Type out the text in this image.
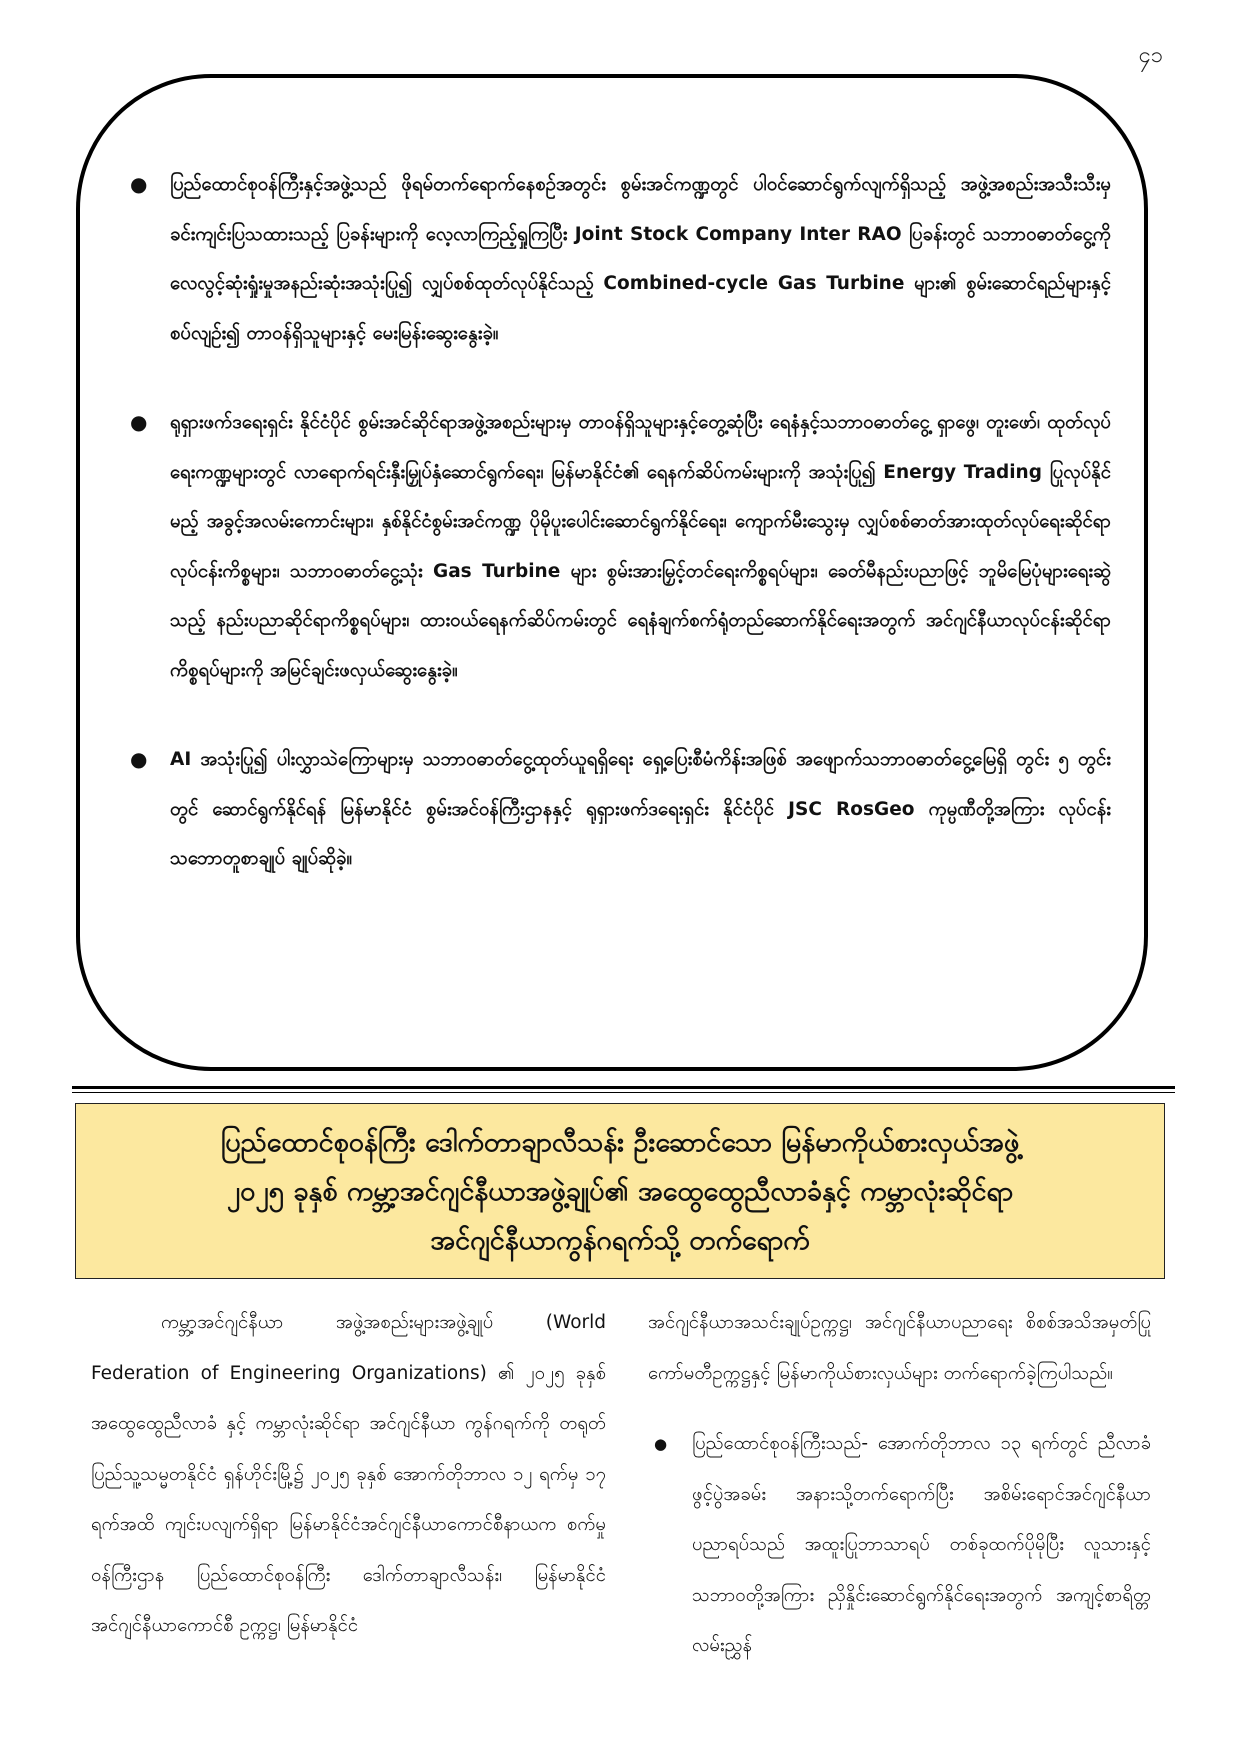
၄၁
● ပြည်ထောင်စုဝန်ကြီးနှင့်အဖွဲ့သည် ဖိုရမ်တက်ရောက်နေစဉ်အတွင်း စွမ်းအင်ကဏ္ဍတွင် ပါဝင်ဆောင်ရွက်လျက်ရှိသည့် အဖွဲ့အစည်းအသီးသီးမှ ခင်းကျင်းပြသထားသည့် ပြခန်းများကို လေ့လာကြည့်ရှုကြပြီး Joint Stock Company Inter RAO ပြခန်းတွင် သဘာဝဓာတ်ငွေ့ကို လေလွင့်ဆုံးရှုံးမှုအနည်းဆုံးအသုံးပြု၍ လျှပ်စစ်ထုတ်လုပ်နိုင်သည့် Combined-cycle Gas Turbine များ၏ စွမ်းဆောင်ရည်များနှင့်စပ်လျဉ်း၍ တာဝန်ရှိသူများနှင့် မေးမြန်းဆွေးနွေးခဲ့။
● ရုရှားဖက်ဒရေးရှင်း နိုင်ငံပိုင် စွမ်းအင်ဆိုင်ရာအဖွဲ့အစည်းများမှ တာဝန်ရှိသူများနှင့်တွေ့ဆုံပြီး ရေနံနှင့်သဘာဝဓာတ်ငွေ့ ရှာဖွေ၊ တူးဖော်၊ ထုတ်လုပ်ရေးကဏ္ဍများတွင် လာရောက်ရင်းနှီးမြှုပ်နှံဆောင်ရွက်ရေး၊ မြန်မာနိုင်ငံ၏ ရေနက်ဆိပ်ကမ်းများကို အသုံးပြု၍ Energy Trading ပြုလုပ်နိုင်မည့် အခွင့်အလမ်းကောင်းများ၊ နှစ်နိုင်ငံစွမ်းအင်ကဏ္ဍ ပိုမိုပူးပေါင်းဆောင်ရွက်နိုင်ရေး၊ ကျောက်မီးသွေးမှ လျှပ်စစ်ဓာတ်အားထုတ်လုပ်ရေးဆိုင်ရာ လုပ်ငန်းကိစ္စများ၊ သဘာဝဓာတ်ငွေ့သုံး Gas Turbine များ စွမ်းအားမြှင့်တင်ရေးကိစ္စရပ်များ၊ ခေတ်မီနည်းပညာဖြင့် ဘူမိမြေပုံများရေးဆွဲသည့် နည်းပညာဆိုင်ရာကိစ္စရပ်များ၊ ထားဝယ်ရေနက်ဆိပ်ကမ်းတွင် ရေနံချက်စက်ရုံတည်ဆောက်နိုင်ရေးအတွက် အင်ဂျင်နီယာလုပ်ငန်းဆိုင်ရာကိစ္စရပ်များကို အမြင်ချင်းဖလှယ်ဆွေးနွေးခဲ့။
● AI အသုံးပြု၍ ပါးလွှာသဲကြောများမှ သဘာဝဓာတ်ငွေ့ထုတ်ယူရရှိရေး ရှေ့ပြေးစီမံကိန်းအဖြစ် အဖျောက်သဘာဝဓာတ်ငွေ့မြေရှိ တွင်း ၅ တွင်းတွင် ဆောင်ရွက်နိုင်ရန် မြန်မာနိုင်ငံ စွမ်းအင်ဝန်ကြီးဌာနနှင့် ရုရှားဖက်ဒရေးရှင်း နိုင်ငံပိုင် JSC RosGeo ကုမ္ပဏီတို့အကြား လုပ်ငန်းသဘောတူစာချုပ် ချုပ်ဆိုခဲ့။
ပြည်ထောင်စုဝန်ကြီး ဒေါက်တာချာလီသန်း ဦးဆောင်သော မြန်မာကိုယ်စားလှယ်အဖွဲ့
၂၀၂၅ ခုနှစ် ကမ္ဘာ့အင်ဂျင်နီယာအဖွဲ့ချုပ်၏ အထွေထွေညီလာခံနှင့် ကမ္ဘာလုံးဆိုင်ရာ
အင်ဂျင်နီယာကွန်ဂရက်သို့ တက်ရောက်

ကမ္ဘာ့အင်ဂျင်နီယာ အဖွဲ့အစည်းများအဖွဲ့ချုပ် (World Federation of Engineering Organizations) ၏ ၂၀၂၅ ခုနှစ် အထွေထွေညီလာခံ နှင့် ကမ္ဘာလုံးဆိုင်ရာ အင်ဂျင်နီယာ ကွန်ဂရက်ကို တရုတ်ပြည်သူ့သမ္မတနိုင်ငံ ရှန်ဟိုင်းမြို့၌ ၂၀၂၅ ခုနှစ် အောက်တိုဘာလ ၁၂ ရက်မှ ၁၇ ရက်အထိ ကျင်းပလျက်ရှိရာ မြန်မာနိုင်ငံအင်ဂျင်နီယာကောင်စီနာယက စက်မှုဝန်ကြီးဌာန ပြည်ထောင်စုဝန်ကြီး ဒေါက်တာချာလီသန်း၊ မြန်မာနိုင်ငံအင်ဂျင်နီယာကောင်စီ ဥက္ကဋ္ဌ၊ မြန်မာနိုင်ငံ

အင်ဂျင်နီယာအသင်းချုပ်ဥက္ကဋ္ဌ၊ အင်ဂျင်နီယာပညာရေး စိစစ်အသိအမှတ်ပြုကော်မတီဥက္ကဋ္ဌနှင့် မြန်မာကိုယ်စားလှယ်များ တက်ရောက်ခဲ့ကြပါသည်။

● ပြည်ထောင်စုဝန်ကြီးသည်- အောက်တိုဘာလ ၁၃ ရက်တွင် ညီလာခံဖွင့်ပွဲအခမ်း အနားသို့တက်ရောက်ပြီး အစိမ်းရောင်အင်ဂျင်နီယာပညာရပ်သည် အထူးပြုဘာသာရပ် တစ်ခုထက်ပိုမိုပြီး လူသားနှင့်သဘာဝတို့အကြား ညှိနှိုင်းဆောင်ရွက်နိုင်ရေးအတွက် အကျင့်စာရိတ္တလမ်းညွှန်
